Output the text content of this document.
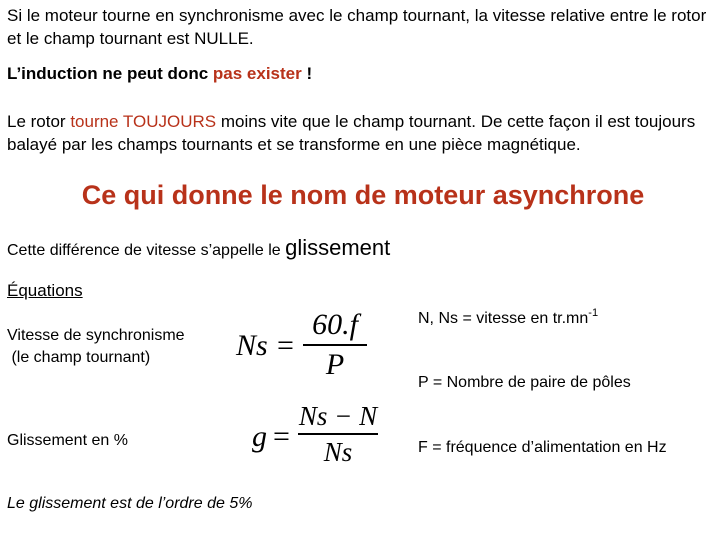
Si le moteur tourne en synchronisme avec le champ tournant, la vitesse relative entre le rotor et le champ tournant est NULLE.
L’induction ne peut donc pas exister !
Le rotor tourne TOUJOURS moins vite que le champ tournant. De cette façon il est toujours balayé par les champs tournants et se transforme en une pièce magnétique.
Ce qui donne le nom de moteur asynchrone
Cette différence de vitesse s’appelle le glissement
Équations
Vitesse de synchronisme
(le champ tournant)	Ns =
60.f
P
Glissement en %	g =
Ns − N
Ns
N, Ns = vitesse en $tr.mn^{-1}$
P = Nombre de paire de pôles
F = fréquence d’alimentation en Hz
Le glissement est de l’ordre de 5%
